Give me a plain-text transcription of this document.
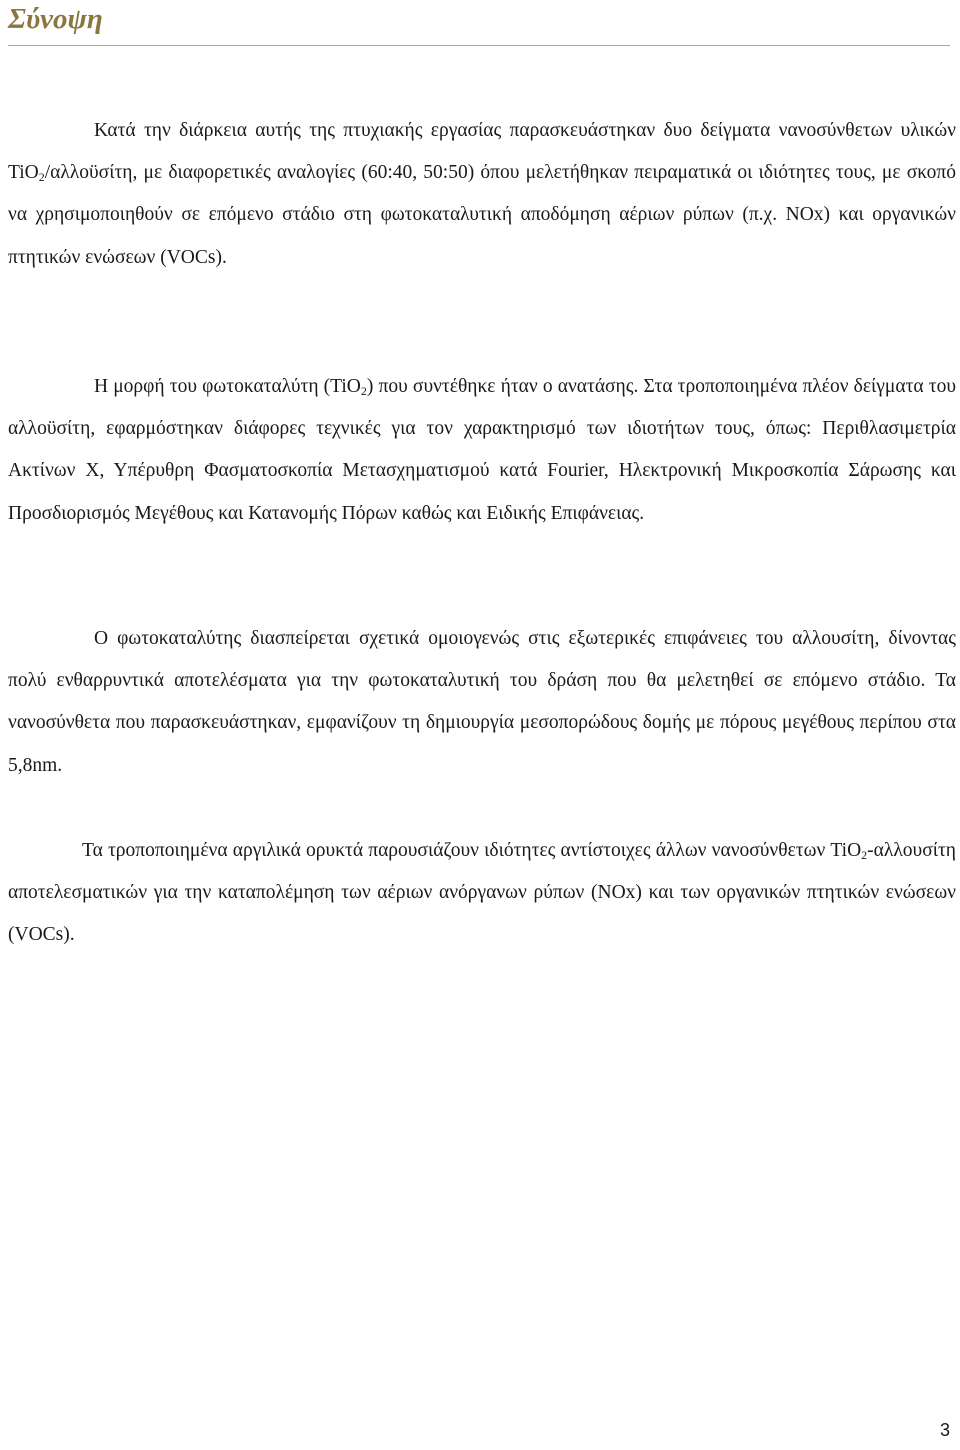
Σύνοψη

Κατά την διάρκεια αυτής της πτυχιακής εργασίας παρασκευάστηκαν δυο δείγματα νανοσύνθετων υλικών TiO$_2$/αλλοϋσίτη, με διαφορετικές αναλογίες (60:40, 50:50) όπου μελετήθηκαν πειραματικά οι ιδιότητες τους, με σκοπό να χρησιμοποιηθούν σε επόμενο στάδιο στη φωτοκαταλυτική αποδόμηση αέριων ρύπων (π.χ. NOx) και οργανικών πτητικών ενώσεων (VOCs).

Η μορφή του φωτοκαταλύτη (TiO$_2$) που συντέθηκε ήταν ο ανατάσης. Στα τροποποιημένα πλέον δείγματα του αλλοϋσίτη, εφαρμόστηκαν διάφορες τεχνικές για τον χαρακτηρισμό των ιδιοτήτων τους, όπως: Περιθλασιμετρία Ακτίνων Χ, Υπέρυθρη Φασματοσκοπία Μετασχηματισμού κατά Fourier, Ηλεκτρονική Μικροσκοπία Σάρωσης και Προσδιορισμός Μεγέθους και Κατανομής Πόρων καθώς και Ειδικής Επιφάνειας.

Ο φωτοκαταλύτης διασπείρεται σχετικά ομοιογενώς στις εξωτερικές επιφάνειες του αλλουσίτη, δίνοντας πολύ ενθαρρυντικά αποτελέσματα για την φωτοκαταλυτική του δράση που θα μελετηθεί σε επόμενο στάδιο. Τα νανοσύνθετα που παρασκευάστηκαν, εμφανίζουν τη δημιουργία μεσοπορώδους δομής με πόρους μεγέθους περίπου στα 5,8nm.

Τα τροποποιημένα αργιλικά ορυκτά παρουσιάζουν ιδιότητες αντίστοιχες άλλων νανοσύνθετων TiO$_2$-αλλουσίτη αποτελεσματικών για την καταπολέμηση των αέριων ανόργανων ρύπων (NOx) και των οργανικών πτητικών ενώσεων (VOCs).

3
